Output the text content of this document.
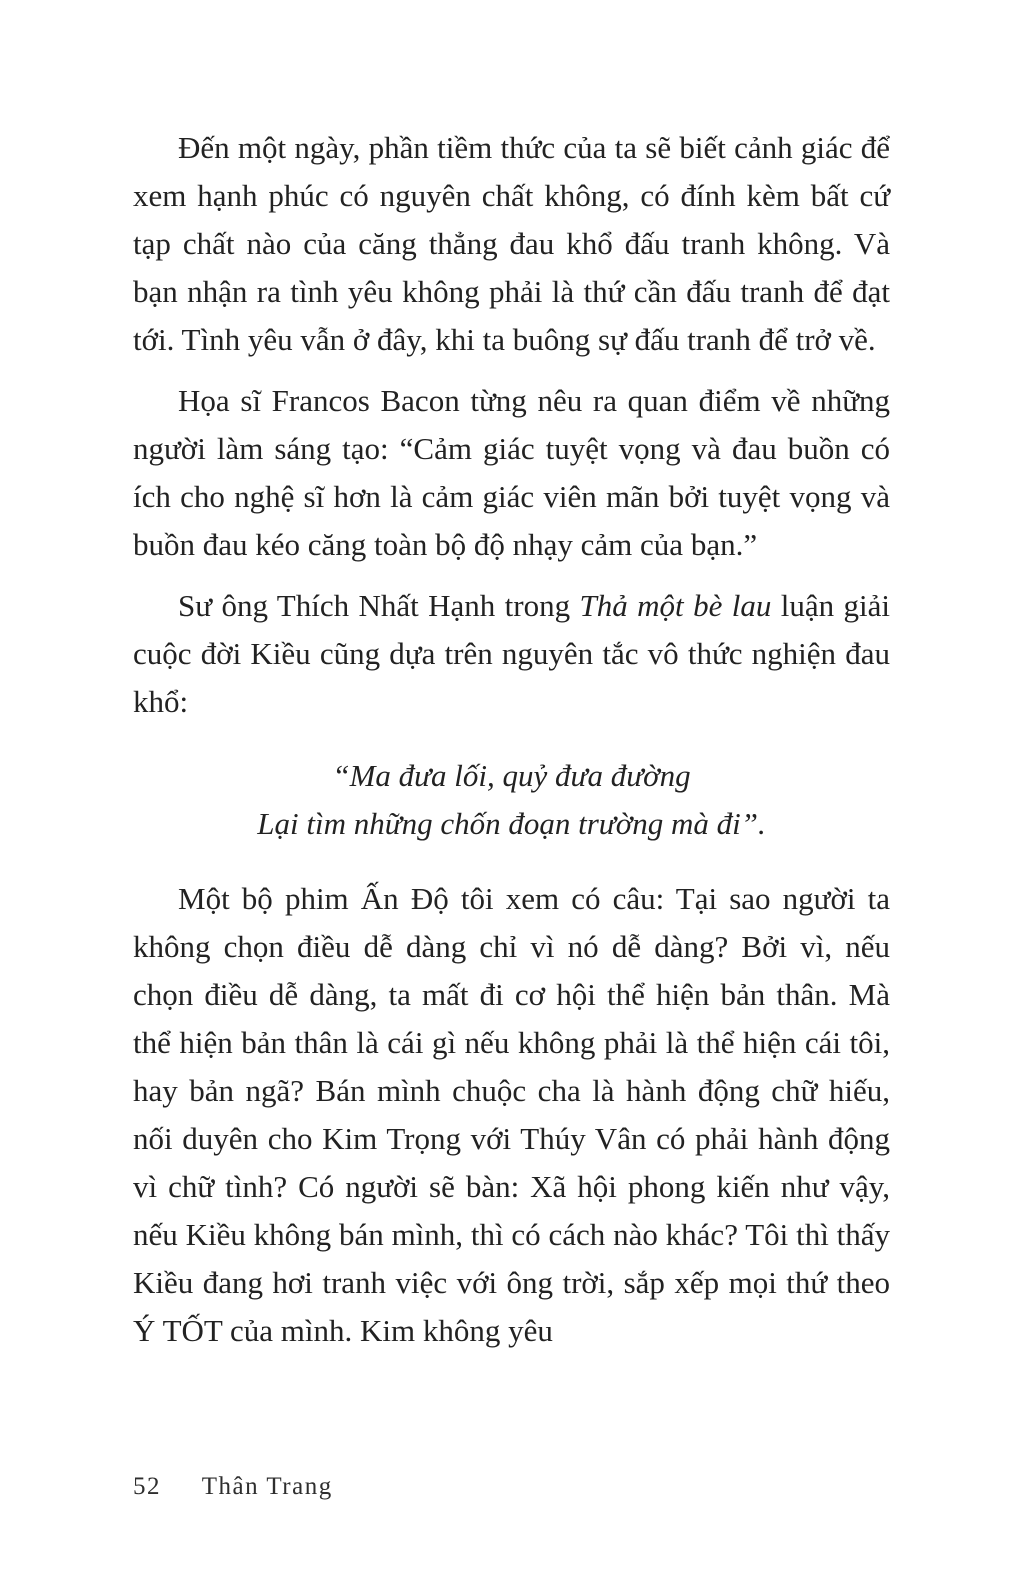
Đến một ngày, phần tiềm thức của ta sẽ biết cảnh giác để xem hạnh phúc có nguyên chất không, có đính kèm bất cứ tạp chất nào của căng thẳng đau khổ đấu tranh không. Và bạn nhận ra tình yêu không phải là thứ cần đấu tranh để đạt tới. Tình yêu vẫn ở đây, khi ta buông sự đấu tranh để trở về.

Họa sĩ Francos Bacon từng nêu ra quan điểm về những người làm sáng tạo: “Cảm giác tuyệt vọng và đau buồn có ích cho nghệ sĩ hơn là cảm giác viên mãn bởi tuyệt vọng và buồn đau kéo căng toàn bộ độ nhạy cảm của bạn.”

Sư ông Thích Nhất Hạnh trong Thả một bè lau luận giải cuộc đời Kiều cũng dựa trên nguyên tắc vô thức nghiện đau khổ:

“Ma đưa lối, quỷ đưa đường

Lại tìm những chốn đoạn trường mà đi”.

Một bộ phim Ấn Độ tôi xem có câu: Tại sao người ta không chọn điều dễ dàng chỉ vì nó dễ dàng? Bởi vì, nếu chọn điều dễ dàng, ta mất đi cơ hội thể hiện bản thân. Mà thể hiện bản thân là cái gì nếu không phải là thể hiện cái tôi, hay bản ngã? Bán mình chuộc cha là hành động chữ hiếu, nối duyên cho Kim Trọng với Thúy Vân có phải hành động vì chữ tình? Có người sẽ bàn: Xã hội phong kiến như vậy, nếu Kiều không bán mình, thì có cách nào khác? Tôi thì thấy Kiều đang hơi tranh việc với ông trời, sắp xếp mọi thứ theo Ý TỐT của mình. Kim không yêu

52 Thân Trang
